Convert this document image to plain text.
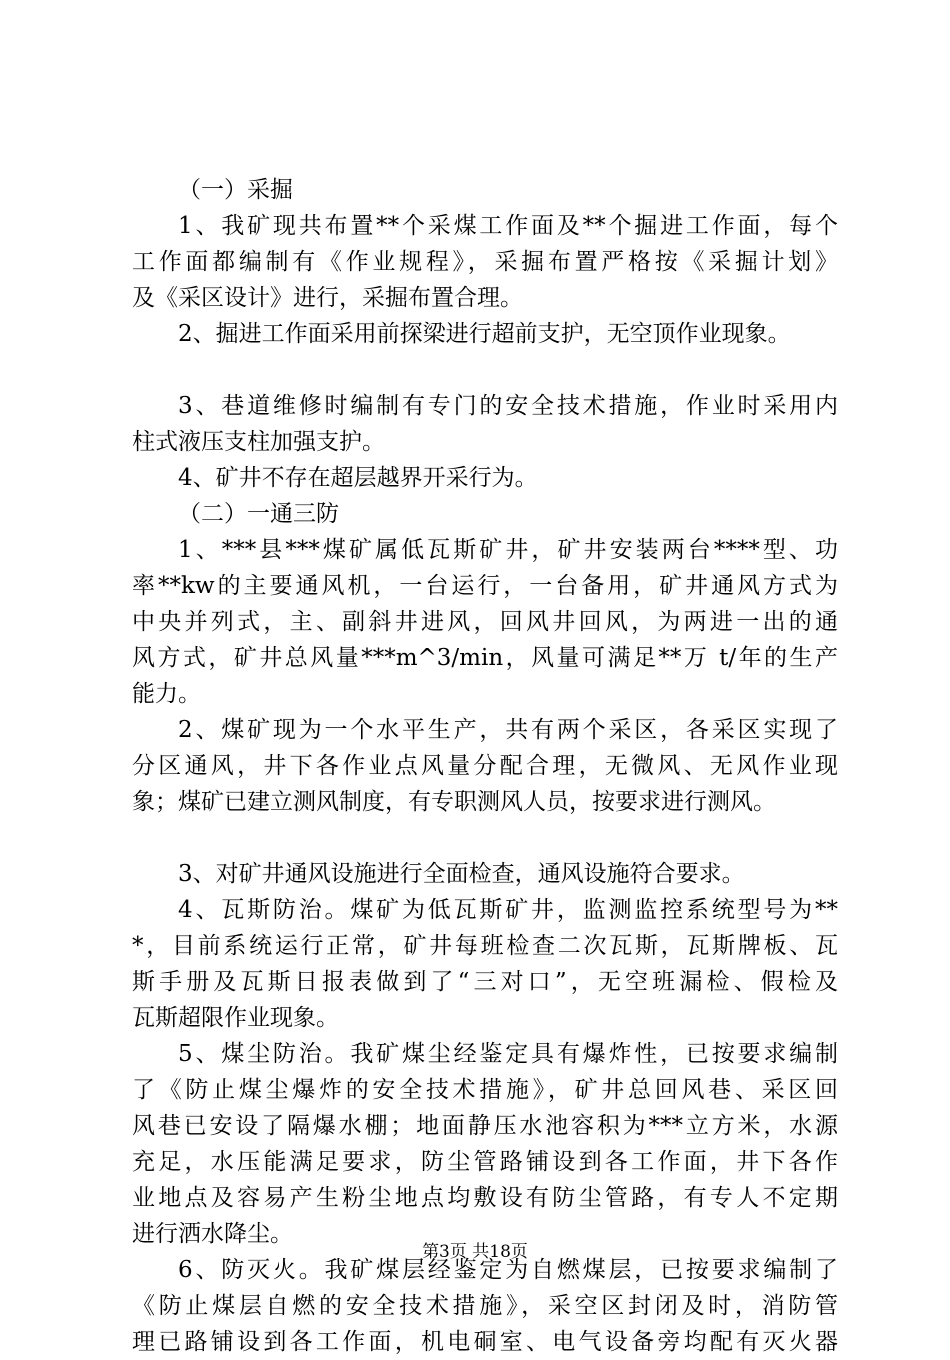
（一）采掘
1、我矿现共布置**个采煤工作面及**个掘进工作面，每个
工作面都编制有《作业规程》，采掘布置严格按《采掘计划》
及《采区设计》进行，采掘布置合理。
2、掘进工作面采用前探梁进行超前支护，无空顶作业现象。
3、巷道维修时编制有专门的安全技术措施，作业时采用内
柱式液压支柱加强支护。
4、矿井不存在超层越界开采行为。
（二）一通三防
1、***县***煤矿属低瓦斯矿井，矿井安装两台****型、功
率**kw的主要通风机，一台运行，一台备用，矿井通风方式为
中央并列式，主、副斜井进风，回风井回风，为两进一出的通
风方式，矿井总风量***m^3/min，风量可满足**万 t/年的生产
能力。
2、煤矿现为一个水平生产，共有两个采区，各采区实现了
分区通风，井下各作业点风量分配合理，无微风、无风作业现
象；煤矿已建立测风制度，有专职测风人员，按要求进行测风。
3、对矿井通风设施进行全面检查，通风设施符合要求。
4、瓦斯防治。煤矿为低瓦斯矿井，监测监控系统型号为**
*，目前系统运行正常，矿井每班检查二次瓦斯，瓦斯牌板、瓦
斯手册及瓦斯日报表做到了“三对口”，无空班漏检、假检及
瓦斯超限作业现象。
5、煤尘防治。我矿煤尘经鉴定具有爆炸性，已按要求编制
了《防止煤尘爆炸的安全技术措施》，矿井总回风巷、采区回
风巷已安设了隔爆水棚；地面静压水池容积为***立方米，水源
充足，水压能满足要求，防尘管路铺设到各工作面，井下各作
业地点及容易产生粉尘地点均敷设有防尘管路，有专人不定期
进行洒水降尘。
6、防灭火。我矿煤层经鉴定为自燃煤层，已按要求编制了
《防止煤层自燃的安全技术措施》，采空区封闭及时，消防管
理已路铺设到各工作面，机电硐室、电气设备旁均配有灭火器
第3页 共18页
